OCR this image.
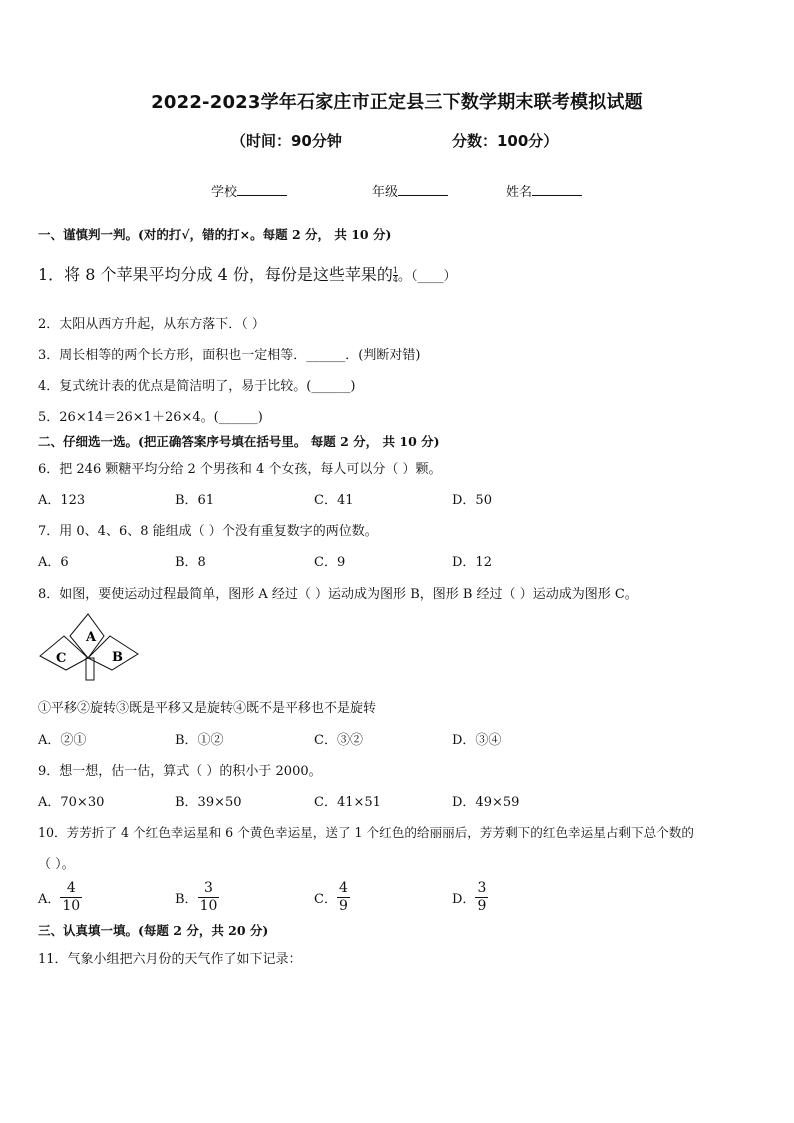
2022-2023学年石家庄市正定县三下数学期末联考模拟试题
（时间：90分钟	分数：100分）
学校	年级	姓名
一、谨慎判一判。(对的打√，错的打×。每题 2 分， 共 10 分)
1．将 8 个苹果平均分成 4 份，每份是这些苹果的 $\frac{1}{4}$ 。（____）
2．太阳从西方升起，从东方落下．（ ）
3．周长相等的两个长方形，面积也一定相等．______．(判断对错)
4．复式统计表的优点是简洁明了，易于比较。(______)
5．26×14＝26×1＋26×4。(______)
二、仔细选一选。(把正确答案序号填在括号里。 每题 2 分， 共 10 分)
6．把 246 颗糖平均分给 2 个男孩和 4 个女孩，每人可以分（ ）颗。
A．123	B．61	C．41	D．50
7．用 0、4、6、8 能组成（ ）个没有重复数字的两位数。
A．6	B．8	C．9	D．12
8．如图，要使运动过程最简单，图形 A 经过（ ）运动成为图形 B，图形 B 经过（ ）运动成为图形 C。
A
B
C
①平移②旋转③既是平移又是旋转④既不是平移也不是旋转
A．②①	B．①②	C．③②	D．③④
9．想一想，估一估，算式（ ）的积小于 2000。
A．70×30	B．39×50	C．41×51	D．49×59
10．芳芳折了 4 个红色幸运星和 6 个黄色幸运星，送了 1 个红色的给丽丽后，芳芳剩下的红色幸运星占剩下总个数的
（ ）。
A． $\frac{4}{10}$	B． $\frac{3}{10}$	C． $\frac{4}{9}$	D． $\frac{3}{9}$
三、认真填一填。(每题 2 分，共 20 分)
11．气象小组把六月份的天气作了如下记录：
